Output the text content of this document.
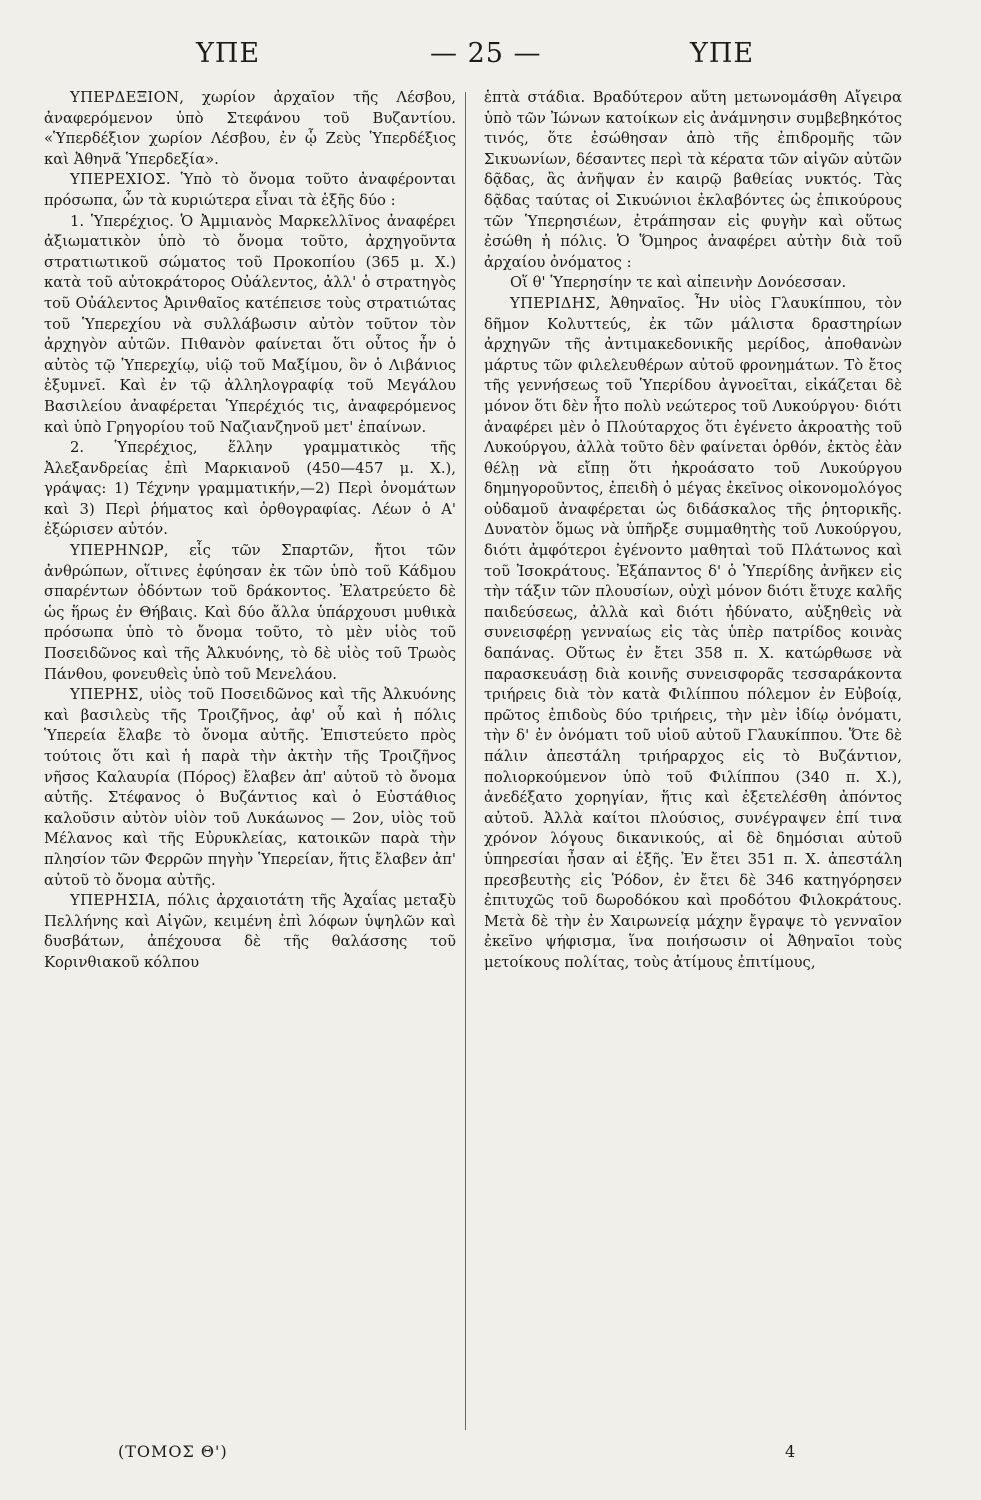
ΥΠΕ	— 25 —	ΥΠΕ

ΥΠΕΡΔΕΞΙΟΝ, χωρίον ἀρχαῖον τῆς Λέσβου, ἀναφερόμενον ὑπὸ Στεφάνου τοῦ Βυζαντίου. «Ὑπερδέξιον χωρίον Λέσβου, ἐν ᾧ Ζεὺς Ὑπερδέξιος καὶ Ἀθηνᾶ Ὑπερδεξία».

ΥΠΕΡΕΧΙΟΣ. Ὑπὸ τὸ ὄνομα τοῦτο ἀναφέρονται πρόσωπα, ὧν τὰ κυριώτερα εἶναι τὰ ἑξῆς δύο :

1. Ὑπερέχιος. Ὁ Ἀμμιανὸς Μαρκελλῖνος ἀναφέρει ἀξιωματικὸν ὑπὸ τὸ ὄνομα τοῦτο, ἀρχηγοῦντα στρατιωτικοῦ σώματος τοῦ Προκοπίου (365 μ. Χ.) κατὰ τοῦ αὐτοκράτορος Οὐάλεντος, ἀλλ' ὁ στρατηγὸς τοῦ Οὐάλεντος Ἀρινθαῖος κατέπεισε τοὺς στρατιώτας τοῦ Ὑπερεχίου νὰ συλλάβωσιν αὐτὸν τοῦτον τὸν ἀρχηγὸν αὐτῶν. Πιθανὸν φαίνεται ὅτι οὗτος ἦν ὁ αὐτὸς τῷ Ὑπερεχίῳ, υἱῷ τοῦ Μαξίμου, ὃν ὁ Λιβάνιος ἐξυμνεῖ. Καὶ ἐν τῷ ἀλληλογραφίᾳ τοῦ Μεγάλου Βασιλείου ἀναφέρεται Ὑπερέχιός τις, ἀναφερόμενος καὶ ὑπὸ Γρηγορίου τοῦ Ναζιανζηνοῦ μετ' ἐπαίνων.

2. Ὑπερέχιος, ἕλλην γραμματικὸς τῆς Ἀλεξανδρείας ἐπὶ Μαρκιανοῦ (450—457 μ. Χ.), γράψας: 1) Τέχνην γραμματικήν,—2) Περὶ ὀνομάτων καὶ 3) Περὶ ῥήματος καὶ ὀρθογραφίας. Λέων ὁ Α' ἐξώρισεν αὐτόν.

ΥΠΕΡΗΝΩΡ, εἷς τῶν Σπαρτῶν, ἤτοι τῶν ἀνθρώπων, οἵτινες ἐφύησαν ἐκ τῶν ὑπὸ τοῦ Κάδμου σπαρέντων ὀδόντων τοῦ δράκοντος. Ἐλατρεύετο δὲ ὡς ἥρως ἐν Θήβαις. Καὶ δύο ἄλλα ὑπάρχουσι μυθικὰ πρόσωπα ὑπὸ τὸ ὄνομα τοῦτο, τὸ μὲν υἱὸς τοῦ Ποσειδῶνος καὶ τῆς Ἀλκυόνης, τὸ δὲ υἱὸς τοῦ Τρωὸς Πάνθου, φονευθεὶς ὑπὸ τοῦ Μενελάου.

ΥΠΕΡΗΣ, υἱὸς τοῦ Ποσειδῶνος καὶ τῆς Ἀλκυόνης καὶ βασιλεὺς τῆς Τροιζῆνος, ἀφ' οὗ καὶ ἡ πόλις Ὑπερεία ἔλαβε τὸ ὄνομα αὐτῆς. Ἐπιστεύετο πρὸς τούτοις ὅτι καὶ ἡ παρὰ τὴν ἀκτὴν τῆς Τροιζῆνος νῆσος Καλαυρία (Πόρος) ἔλαβεν ἀπ' αὐτοῦ τὸ ὄνομα αὐτῆς. Στέφανος ὁ Βυζάντιος καὶ ὁ Εὐστάθιος καλοῦσιν αὐτὸν υἱὸν τοῦ Λυκάωνος — 2ον, υἱὸς τοῦ Μέλανος καὶ τῆς Εὐρυκλείας, κατοικῶν παρὰ τὴν πλησίον τῶν Φερρῶν πηγὴν Ὑπερείαν, ἥτις ἔλαβεν ἀπ' αὐτοῦ τὸ ὄνομα αὐτῆς.

ΥΠΕΡΗΣΙΑ, πόλις ἀρχαιοτάτη τῆς Ἀχαΐας μεταξὺ Πελλήνης καὶ Αἰγῶν, κειμένη ἐπὶ λόφων ὑψηλῶν καὶ δυσβάτων, ἀπέχουσα δὲ τῆς θαλάσσης τοῦ Κορινθιακοῦ κόλπου

ἑπτὰ στάδια. Βραδύτερον αὕτη μετωνομάσθη Αἴγειρα ὑπὸ τῶν Ἰώνων κατοίκων εἰς ἀνάμνησιν συμβεβηκότος τινός, ὅτε ἐσώθησαν ἀπὸ τῆς ἐπιδρομῆς τῶν Σικυωνίων, δέσαντες περὶ τὰ κέρατα τῶν αἰγῶν αὐτῶν δᾷδας, ἃς ἀνῆψαν ἐν καιρῷ βαθείας νυκτός. Τὰς δᾷδας ταύτας οἱ Σικυώνιοι ἐκλαβόντες ὡς ἐπικούρους τῶν Ὑπερησιέων, ἐτράπησαν εἰς φυγὴν καὶ οὕτως ἐσώθη ἡ πόλις. Ὁ Ὅμηρος ἀναφέρει αὐτὴν διὰ τοῦ ἀρχαίου ὀνόματος :

Οἵ θ' Ὑπερησίην τε καὶ αἰπεινὴν Δονόεσσαν.

ΥΠΕΡΙΔΗΣ, Ἀθηναῖος. Ἦν υἱὸς Γλαυκίππου, τὸν δῆμον Κολυττεύς, ἐκ τῶν μάλιστα δραστηρίων ἀρχηγῶν τῆς ἀντιμακεδονικῆς μερίδος, ἀποθανὼν μάρτυς τῶν φιλελευθέρων αὐτοῦ φρονημάτων. Τὸ ἔτος τῆς γεννήσεως τοῦ Ὑπερίδου ἀγνοεῖται, εἰκάζεται δὲ μόνον ὅτι δὲν ἦτο πολὺ νεώτερος τοῦ Λυκούργου· διότι ἀναφέρει μὲν ὁ Πλούταρχος ὅτι ἐγένετο ἀκροατὴς τοῦ Λυκούργου, ἀλλὰ τοῦτο δὲν φαίνεται ὀρθόν, ἐκτὸς ἐὰν θέλῃ νὰ εἴπῃ ὅτι ἠκροάσατο τοῦ Λυκούργου δημηγοροῦντος, ἐπειδὴ ὁ μέγας ἐκεῖνος οἰκονομολόγος οὐδαμοῦ ἀναφέρεται ὡς διδάσκαλος τῆς ῥητορικῆς. Δυνατὸν ὅμως νὰ ὑπῆρξε συμμαθητὴς τοῦ Λυκούργου, διότι ἀμφότεροι ἐγένοντο μαθηταὶ τοῦ Πλάτωνος καὶ τοῦ Ἰσοκράτους. Ἐξάπαντος δ' ὁ Ὑπερίδης ἀνῆκεν εἰς τὴν τάξιν τῶν πλουσίων, οὐχὶ μόνον διότι ἔτυχε καλῆς παιδεύσεως, ἀλλὰ καὶ διότι ἠδύνατο, αὐξηθεὶς νὰ συνεισφέρῃ γενναίως εἰς τὰς ὑπὲρ πατρίδος κοινὰς δαπάνας. Οὕτως ἐν ἔτει 358 π. Χ. κατώρθωσε νὰ παρασκευάσῃ διὰ κοινῆς συνεισφορᾶς τεσσαράκοντα τριήρεις διὰ τὸν κατὰ Φιλίππου πόλεμον ἐν Εὐβοίᾳ, πρῶτος ἐπιδοὺς δύο τριήρεις, τὴν μὲν ἰδίῳ ὀνόματι, τὴν δ' ἐν ὀνόματι τοῦ υἱοῦ αὐτοῦ Γλαυκίππου. Ὅτε δὲ πάλιν ἀπεστάλη τριήραρχος εἰς τὸ Βυζάντιον, πολιορκούμενον ὑπὸ τοῦ Φιλίππου (340 π. Χ.), ἀνεδέξατο χορηγίαν, ἥτις καὶ ἐξετελέσθη ἀπόντος αὐτοῦ. Ἀλλὰ καίτοι πλούσιος, συνέγραψεν ἐπί τινα χρόνον λόγους δικανικούς, αἱ δὲ δημόσιαι αὐτοῦ ὑπηρεσίαι ἦσαν αἱ ἑξῆς. Ἐν ἔτει 351 π. Χ. ἀπεστάλη πρεσβευτὴς εἰς Ῥόδον, ἐν ἔτει δὲ 346 κατηγόρησεν ἐπιτυχῶς τοῦ δωροδόκου καὶ προδότου Φιλοκράτους. Μετὰ δὲ τὴν ἐν Χαιρωνείᾳ μάχην ἔγραψε τὸ γενναῖον ἐκεῖνο ψήφισμα, ἵνα ποιήσωσιν οἱ Ἀθηναῖοι τοὺς μετοίκους πολίτας, τοὺς ἀτίμους ἐπιτίμους,

(ΤΟΜΟΣ Θ')	4
